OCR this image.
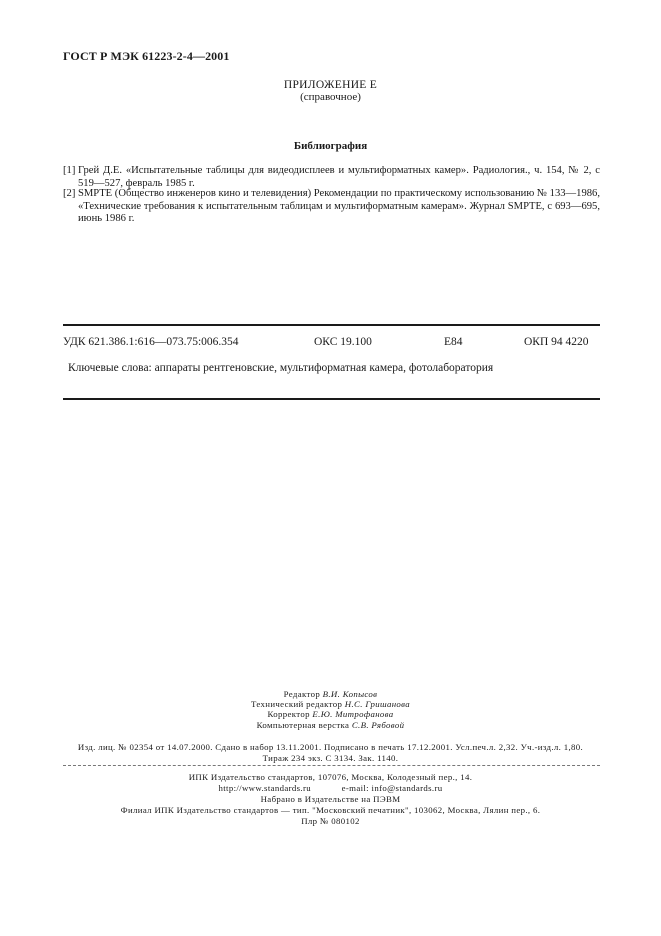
ГОСТ Р МЭК 61223-2-4—2001
ПРИЛОЖЕНИЕ Е
(справочное)
Библиография
[1] Грей Д.Е. «Испытательные таблицы для видеодисплеев и мультиформатных камер». Радиология., ч. 154, № 2, с 519—527, февраль 1985 г.
[2] SMPTE (Общество инженеров кино и телевидения) Рекомендации по практическому использованию № 133—1986, «Технические требования к испытательным таблицам и мультиформатным камерам». Журнал SMPTE, с 693—695, июнь 1986 г.
УДК 621.386.1:616—073.75:006.354	ОКС 19.100	Е84	ОКП 94 4220
Ключевые слова: аппараты рентгеновские, мультиформатная камера, фотолаборатория
Редактор В.И. Копысов
Технический редактор Н.С. Гришанова
Корректор Е.Ю. Митрофанова
Компьютерная верстка С.В. Рябовой
Изд. лиц. № 02354 от 14.07.2000. Сдано в набор 13.11.2001. Подписано в печать 17.12.2001. Усл.печ.л. 2,32. Уч.-изд.л. 1,80.
Тираж 234 экз. С 3134. Зак. 1140.
ИПК Издательство стандартов, 107076, Москва, Колодезный пер., 14.
http://www.standards.ru	e-mail: info@standards.ru
Набрано в Издательстве на ПЭВМ
Филиал ИПК Издательство стандартов — тип. "Московский печатник", 103062, Москва, Лялин пер., 6.
Плр № 080102
